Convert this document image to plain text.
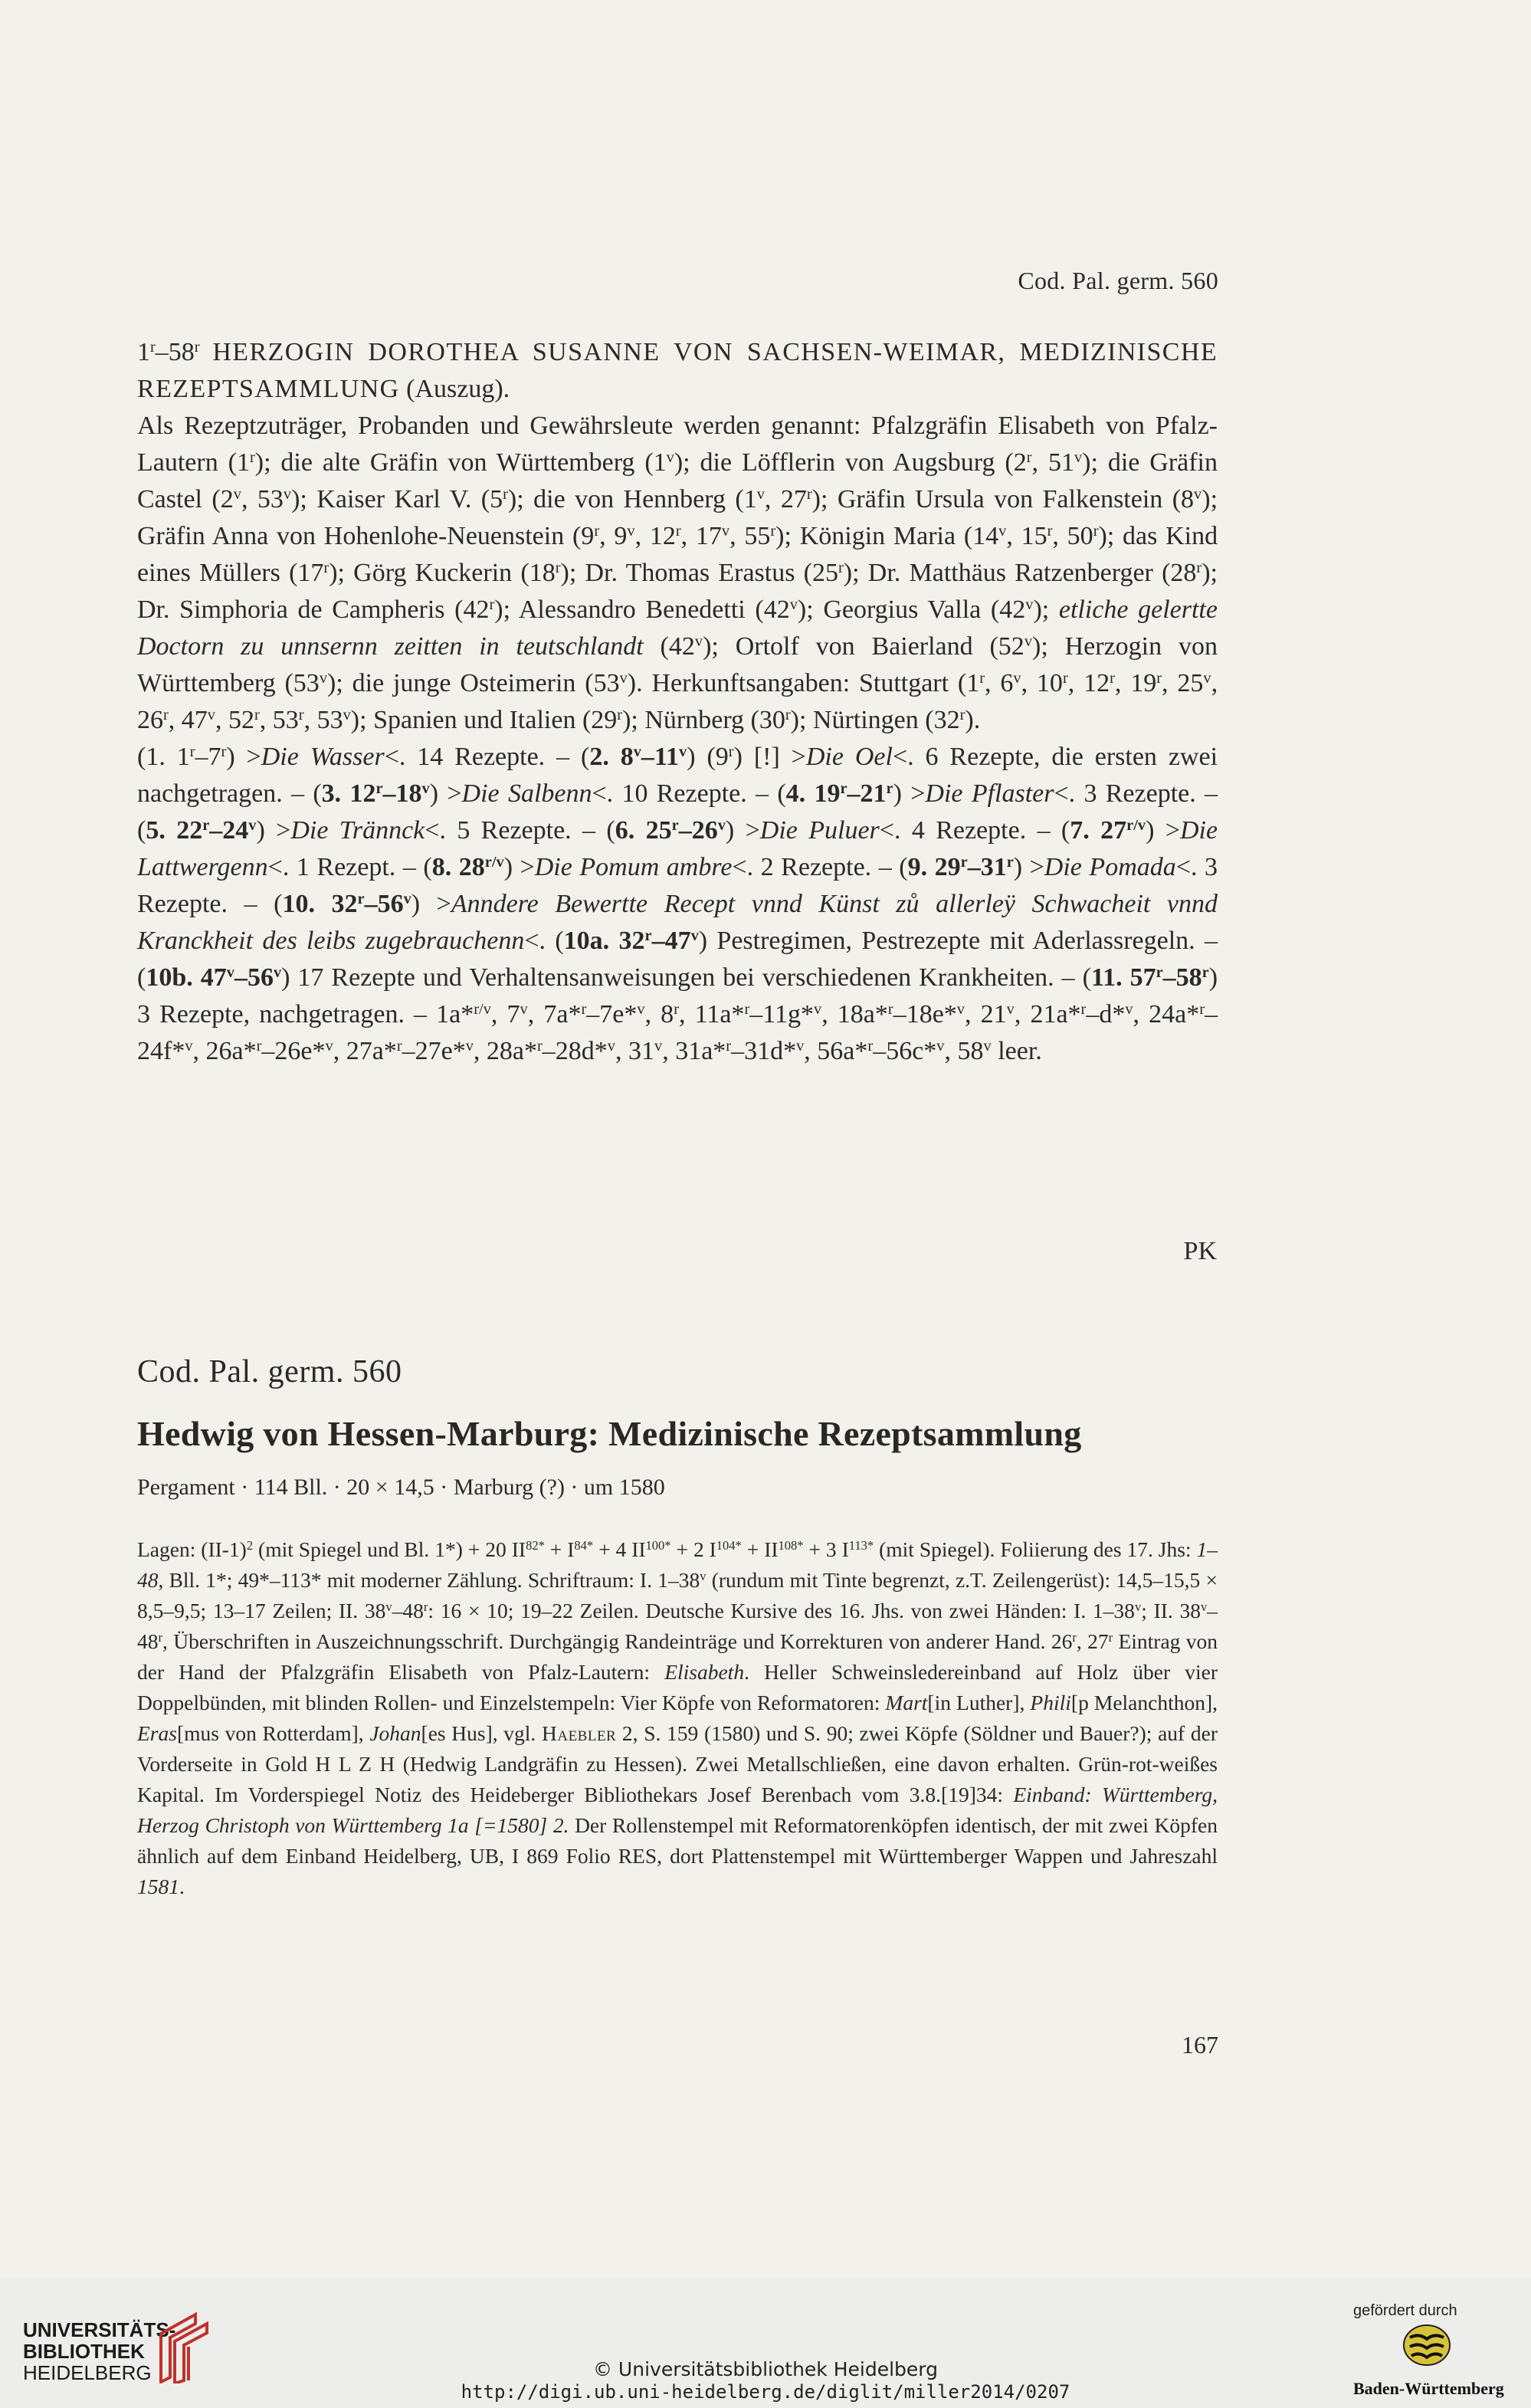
Cod. Pal. germ. 560

1$^r$–58$^r$ HERZOGIN DOROTHEA SUSANNE VON SACHSEN-WEIMAR, MEDIZINISCHE REZEPTSAMMLUNG (Auszug).

Als Rezeptzuträger, Probanden und Gewährsleute werden genannt: Pfalzgräfin Elisabeth von Pfalz-Lautern (1$^r$); die alte Gräfin von Württemberg (1$^v$); die Löfflerin von Augsburg (2$^r$, 51$^v$); die Gräfin Castel (2$^v$, 53$^v$); Kaiser Karl V. (5$^r$); die von Hennberg (1$^v$, 27$^r$); Gräfin Ursula von Falkenstein (8$^v$); Gräfin Anna von Hohenlohe-Neuenstein (9$^r$, 9$^v$, 12$^r$, 17$^v$, 55$^r$); Königin Maria (14$^v$, 15$^r$, 50$^r$); das Kind eines Müllers (17$^r$); Görg Kuckerin (18$^r$); Dr. Thomas Erastus (25$^r$); Dr. Matthäus Ratzenberger (28$^r$); Dr. Simphoria de Campheris (42$^r$); Alessandro Benedetti (42$^v$); Georgius Valla (42$^v$); etliche gelertte Doctorn zu unnsernn zeitten in teutschlandt (42$^v$); Ortolf von Baierland (52$^v$); Herzogin von Württemberg (53$^v$); die junge Osteimerin (53$^v$). Herkunftsangaben: Stuttgart (1$^r$, 6$^v$, 10$^r$, 12$^r$, 19$^r$, 25$^v$, 26$^r$, 47$^v$, 52$^r$, 53$^r$, 53$^v$); Spanien und Italien (29$^r$); Nürnberg (30$^r$); Nürtingen (32$^r$).

(1. $1^r-7^r) >Die$ Wasser<. 14 Rezepte. – (2. 8$^v$–11$^v$) (9$^r$) [!] >Die Oel<. 6 Rezepte, die ersten zwei nachgetragen. – (3. $12^r-18^v) >Die$ Salbenn<. 10 Rezepte. – (4. $19^r-21^r) >Die$ Pflaster<. 3 Rezepte. – (5. $22^r-24^v) >Die$ Trännck<. 5 Rezepte. – (6. $25^r-26^v) >Die$ Puluer<. 4 Rezepte. – (7. $27^{r/v}) >Die$ Lattwergenn<. 1 Rezept. – (8. $28^{r/v}) >Die$ Pomum ambre<. 2 Rezepte. – (9. $29^r-31^r) >Die$ Pomada<. 3 Rezepte. – (10. $32^r-56^v$) >Anndere Bewertte Recept vnnd Künst zů allerleÿ Schwacheit vnnd Kranckheit des leibs zugebrauchenn<. (10a. 32$^r$–47$^v$) Pestregimen, Pestrezepte mit Aderlassregeln. – (10b. 47$^v$–56$^v$) 17 Rezepte und Verhaltensanweisungen bei verschiedenen Krankheiten. – (11. 57$^r$–58$^r$) 3 Rezepte, nachgetragen. – 1a*$^{r/v}$, 7$^v$, 7a*$^r$–7e*$^v$, 8$^r$, 11a*$^r$–11g*$^v$, 18a*$^r$–18e*$^v$, 21$^v$, 21a*$^r$–d*$^v$, 24a*$^r$–24f*$^v$, 26a*$^r$–26e*$^v$, 27a*$^r$–27e*$^v$, 28a*$^r$–28d*$^v$, 31$^v$, 31a*$^r$–31d*$^v$, 56a*$^r$–56c*$^v$, 58$^v$ leer.

PK
Cod. Pal. germ. 560
Hedwig von Hessen-Marburg: Medizinische Rezeptsammlung
Pergament · 114 Bll. · 20 × 14,5 · Marburg (?) · um 1580

Lagen: $(II-1)^2$ (mit Spiegel und Bl. 1*) + 20 $II^{82*} + I^{84*} + 4$ $II^{100*} + 2$ $I^{104*} + II^{108*} + 3$ $I^{113*}$ (mit Spiegel). Foliierung des 17. Jhs: 1–48, Bll. 1*; 49*–113* mit moderner Zählung. Schriftraum: I. 1–38$^v$ (rundum mit Tinte begrenzt, z.T. Zeilengerüst): 14,5–15,5 × 8,5–9,5; 13–17 Zeilen; II. 38$^v$–48$^r$: 16 × 10; 19–22 Zeilen. Deutsche Kursive des 16. Jhs. von zwei Händen: I. 1–38$^v$; II. 38$^v$–48$^r$, Überschriften in Auszeichnungsschrift. Durchgängig Randeinträge und Korrekturen von anderer Hand. 26$^r$, 27$^r$ Eintrag von der Hand der Pfalzgräfin Elisabeth von Pfalz-Lautern: Elisabeth. Heller Schweinsledereinband auf Holz über vier Doppelbünden, mit blinden Rollen- und Einzelstempeln: Vier Köpfe von Reformatoren: Mart[in Luther], Phili[p Melanchthon], Eras[mus von Rotterdam], Johan[es Hus], vgl. Haebler 2, S. 159 (1580) und S. 90; zwei Köpfe (Söldner und Bauer?); auf der Vorderseite in Gold H L Z H (Hedwig Landgräfin zu Hessen). Zwei Metallschließen, eine davon erhalten. Grün-rot-weißes Kapital. Im Vorderspiegel Notiz des Heideberger Bibliothekars Josef Berenbach vom 3.8.[19]34: Einband: Württemberg, Herzog Christoph von Württemberg 1a [=1580] 2. Der Rollenstempel mit Reformatorenköpfen identisch, der mit zwei Köpfen ähnlich auf dem Einband Heidelberg, UB, I 869 Folio RES, dort Plattenstempel mit Württemberger Wappen und Jahreszahl 1581.

167
UNIVERSITÄTS-
BIBLIOTHEK
HEIDELBERG	© Universitätsbibliothek Heidelberg
http://digi.ub.uni-heidelberg.de/diglit/miller2014/0207
gefördert durch
Baden-Württemberg
